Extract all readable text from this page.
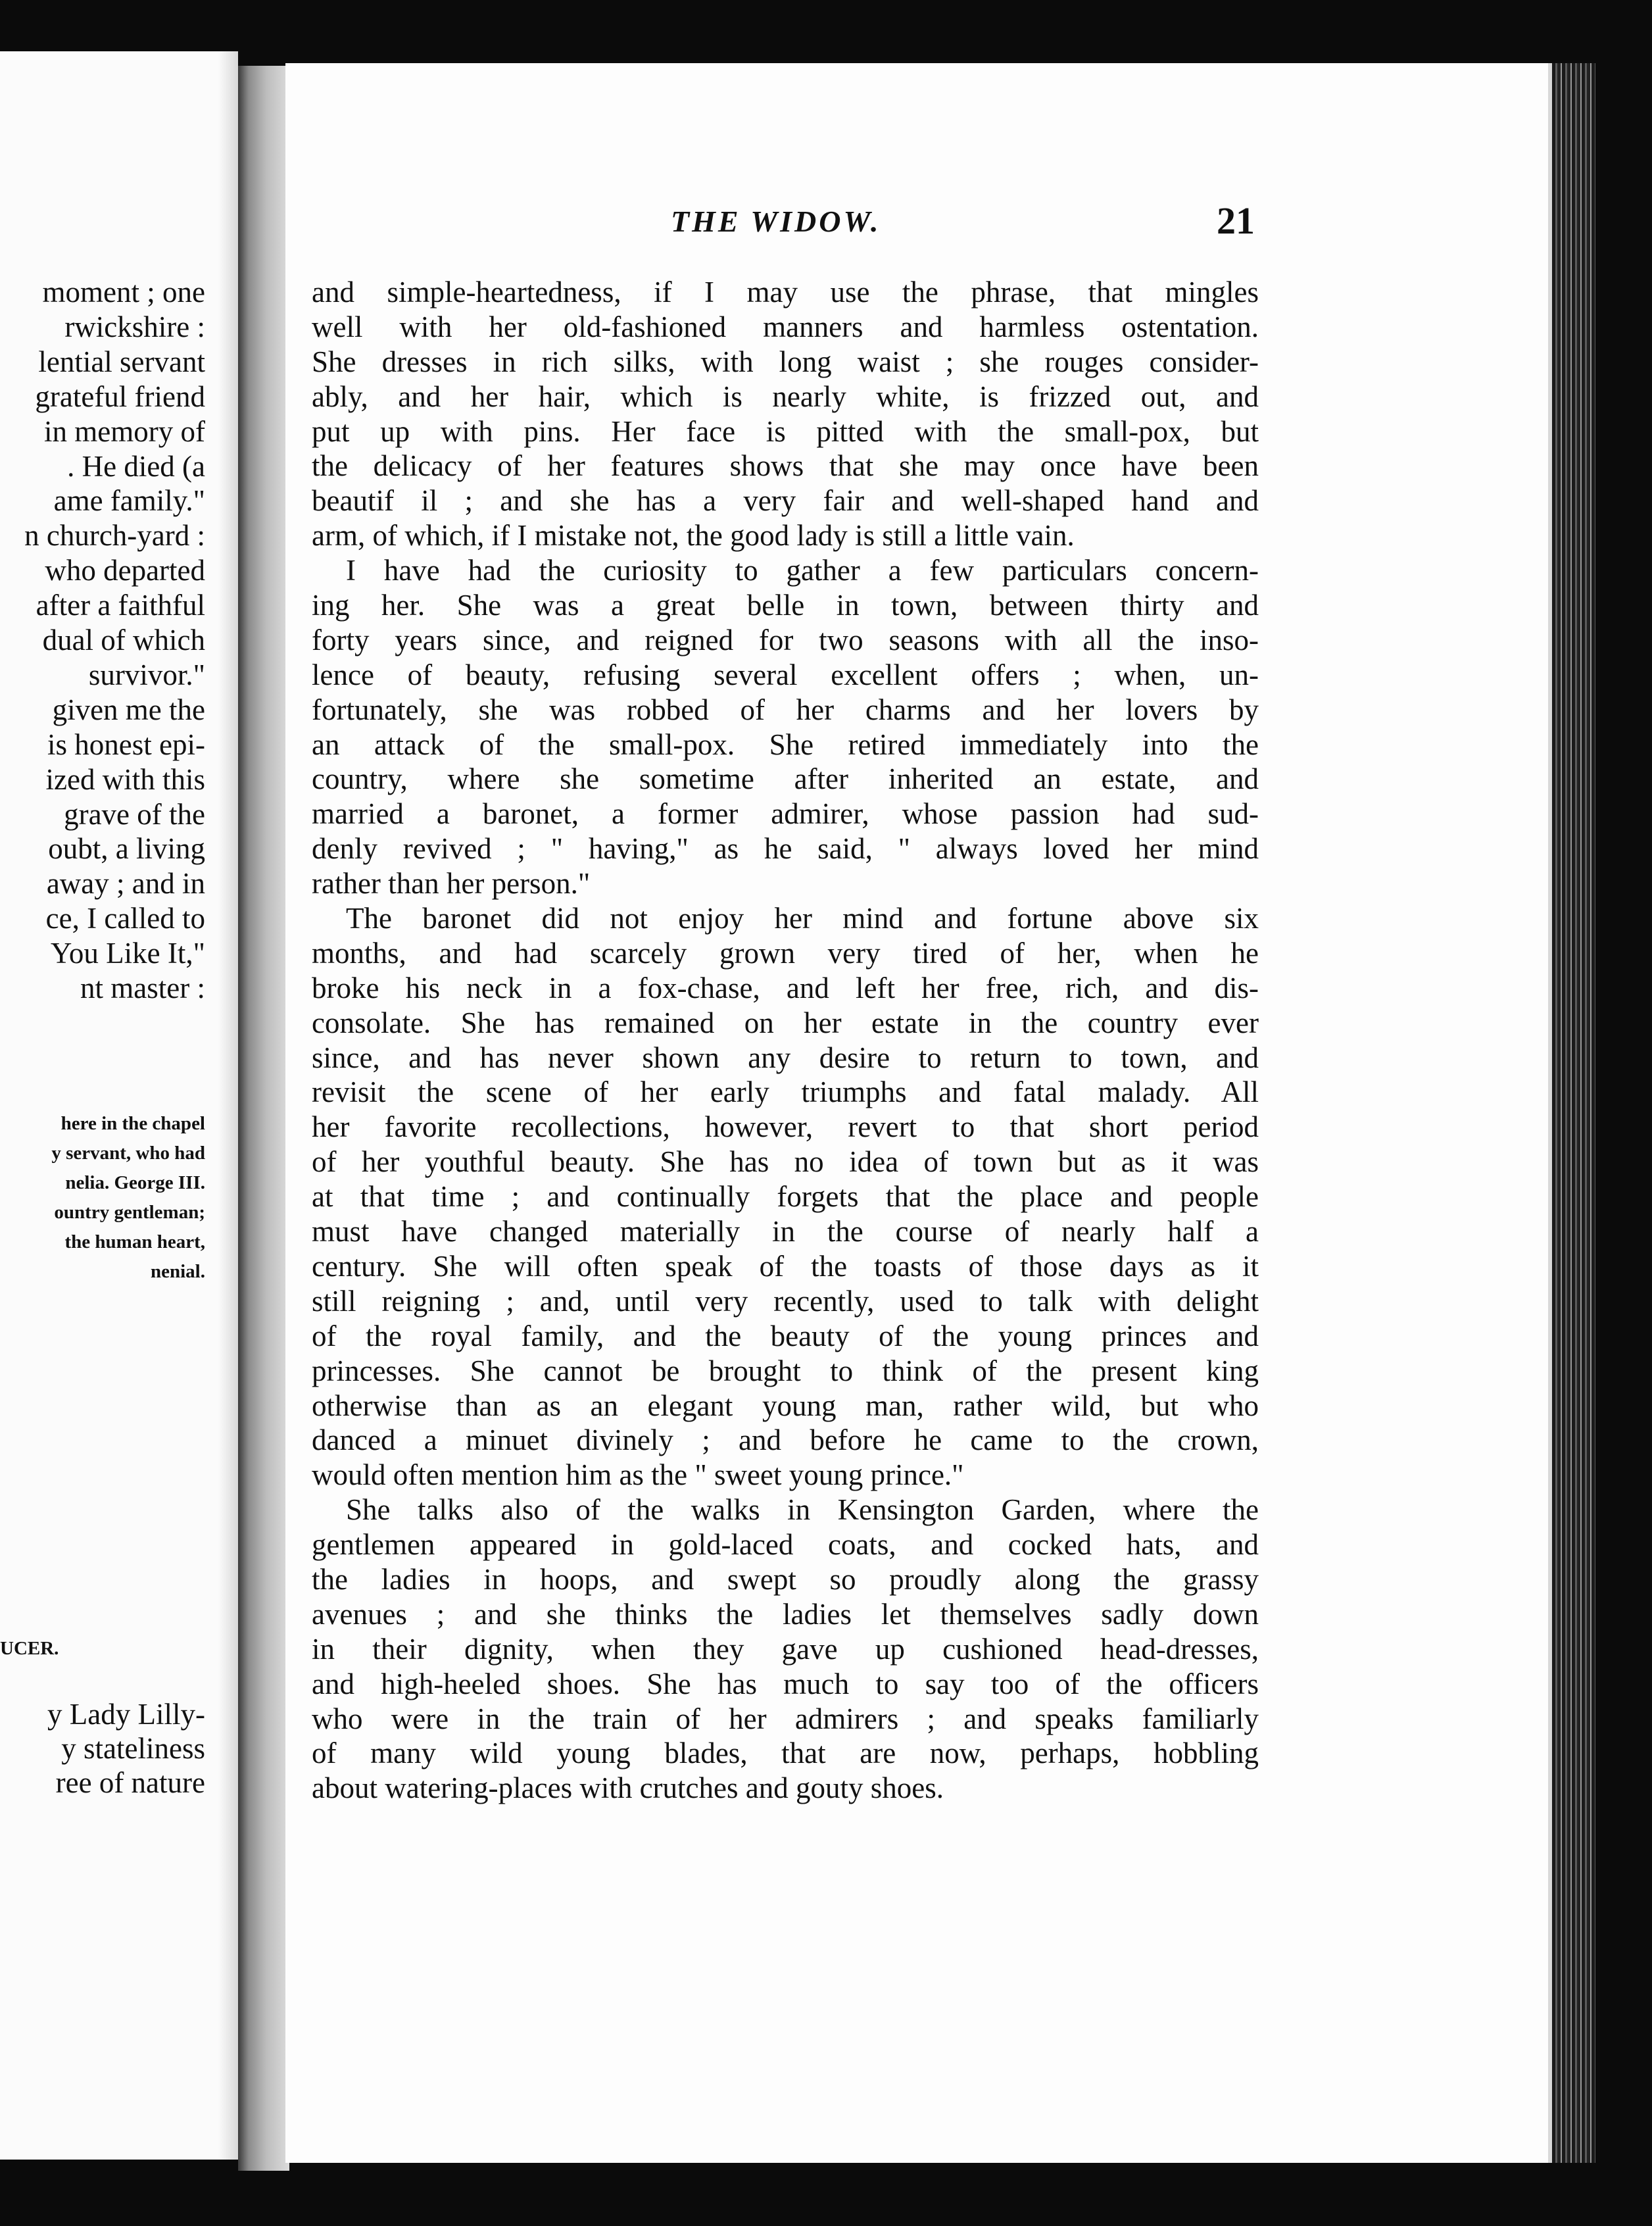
moment ; one
rwickshire :
lential servant
grateful friend
in memory of
. He died (a
ame family."
n church-yard :
who departed
after a faithful
dual of which
survivor."
given me the
is honest epi-
ized with this
grave of the
oubt, a living
away ; and in
ce, I called to
You Like It,"
nt master :
here in the chapel
y servant, who had
nelia. George III.
ountry gentleman;
the human heart,
nenial.
UCER.
y Lady Lilly-
y stateliness
ree of nature
THE WIDOW.	21
and simple-heartedness, if I may use the phrase, that mingles
well with her old-fashioned manners and harmless ostentation.
She dresses in rich silks, with long waist ; she rouges consider-
ably, and her hair, which is nearly white, is frizzed out, and
put up with pins. Her face is pitted with the small-pox, but
the delicacy of her features shows that she may once have been
beautif il ; and she has a very fair and well-shaped hand and
arm, of which, if I mistake not, the good lady is still a little vain.
I have had the curiosity to gather a few particulars concern-
ing her. She was a great belle in town, between thirty and
forty years since, and reigned for two seasons with all the inso-
lence of beauty, refusing several excellent offers ; when, un-
fortunately, she was robbed of her charms and her lovers by
an attack of the small-pox. She retired immediately into the
country, where she sometime after inherited an estate, and
married a baronet, a former admirer, whose passion had sud-
denly revived ; " having," as he said, " always loved her mind
rather than her person."
The baronet did not enjoy her mind and fortune above six
months, and had scarcely grown very tired of her, when he
broke his neck in a fox-chase, and left her free, rich, and dis-
consolate. She has remained on her estate in the country ever
since, and has never shown any desire to return to town, and
revisit the scene of her early triumphs and fatal malady. All
her favorite recollections, however, revert to that short period
of her youthful beauty. She has no idea of town but as it was
at that time ; and continually forgets that the place and people
must have changed materially in the course of nearly half a
century. She will often speak of the toasts of those days as it
still reigning ; and, until very recently, used to talk with delight
of the royal family, and the beauty of the young princes and
princesses. She cannot be brought to think of the present king
otherwise than as an elegant young man, rather wild, but who
danced a minuet divinely ; and before he came to the crown,
would often mention him as the " sweet young prince."
She talks also of the walks in Kensington Garden, where the
gentlemen appeared in gold-laced coats, and cocked hats, and
the ladies in hoops, and swept so proudly along the grassy
avenues ; and she thinks the ladies let themselves sadly down
in their dignity, when they gave up cushioned head-dresses,
and high-heeled shoes. She has much to say too of the officers
who were in the train of her admirers ; and speaks familiarly
of many wild young blades, that are now, perhaps, hobbling
about watering-places with crutches and gouty shoes.
